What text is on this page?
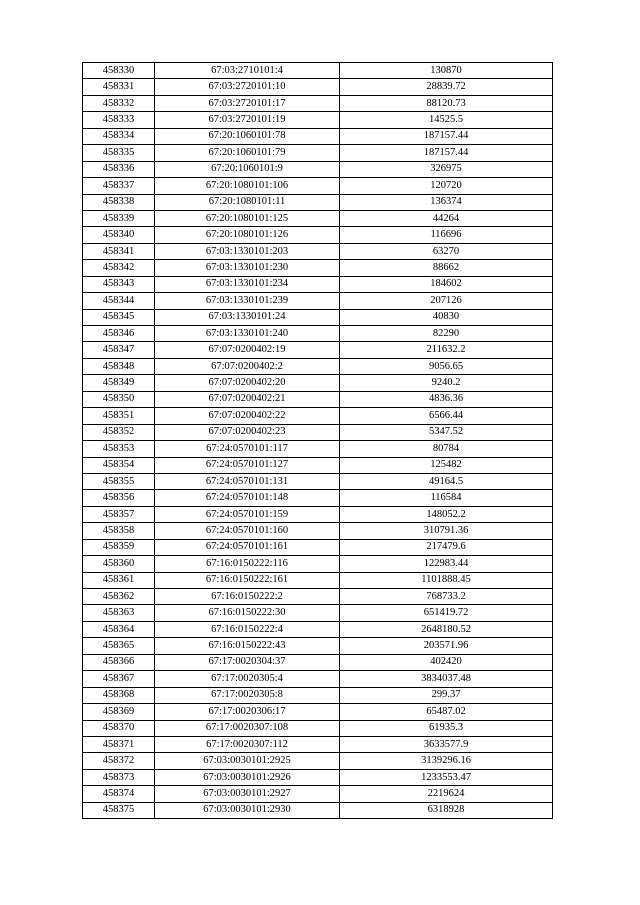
458330	67:03:2710101:4	130870
458331	67:03:2720101:10	28839.72
458332	67:03:2720101:17	88120.73
458333	67:03:2720101:19	14525.5
458334	67:20:1060101:78	187157.44
458335	67:20:1060101:79	187157.44
458336	67:20:1060101:9	326975
458337	67:20:1080101:106	120720
458338	67:20:1080101:11	136374
458339	67:20:1080101:125	44264
458340	67:20:1080101:126	116696
458341	67:03:1330101:203	63270
458342	67:03:1330101:230	88662
458343	67:03:1330101:234	184602
458344	67:03:1330101:239	207126
458345	67:03:1330101:24	40830
458346	67:03:1330101:240	82290
458347	67:07:0200402:19	211632.2
458348	67:07:0200402:2	9056.65
458349	67:07:0200402:20	9240.2
458350	67:07:0200402:21	4836.36
458351	67:07:0200402:22	6566.44
458352	67:07:0200402:23	5347.52
458353	67:24:0570101:117	80784
458354	67:24:0570101:127	125482
458355	67:24:0570101:131	49164.5
458356	67:24:0570101:148	116584
458357	67:24:0570101:159	148052.2
458358	67:24:0570101:160	310791.36
458359	67:24:0570101:161	217479.6
458360	67:16:0150222:116	122983.44
458361	67:16:0150222:161	1101888.45
458362	67:16:0150222:2	768733.2
458363	67:16:0150222:30	651419.72
458364	67:16:0150222:4	2648180.52
458365	67:16:0150222:43	203571.96
458366	67:17:0020304:37	402420
458367	67:17:0020305:4	3834037.48
458368	67:17:0020305:8	299.37
458369	67:17:0020306:17	65487.02
458370	67:17:0020307:108	61935.3
458371	67:17:0020307:112	3633577.9
458372	67:03:0030101:2925	3139296.16
458373	67:03:0030101:2926	1233553.47
458374	67:03:0030101:2927	2219624
458375	67:03:0030101:2930	6318928
